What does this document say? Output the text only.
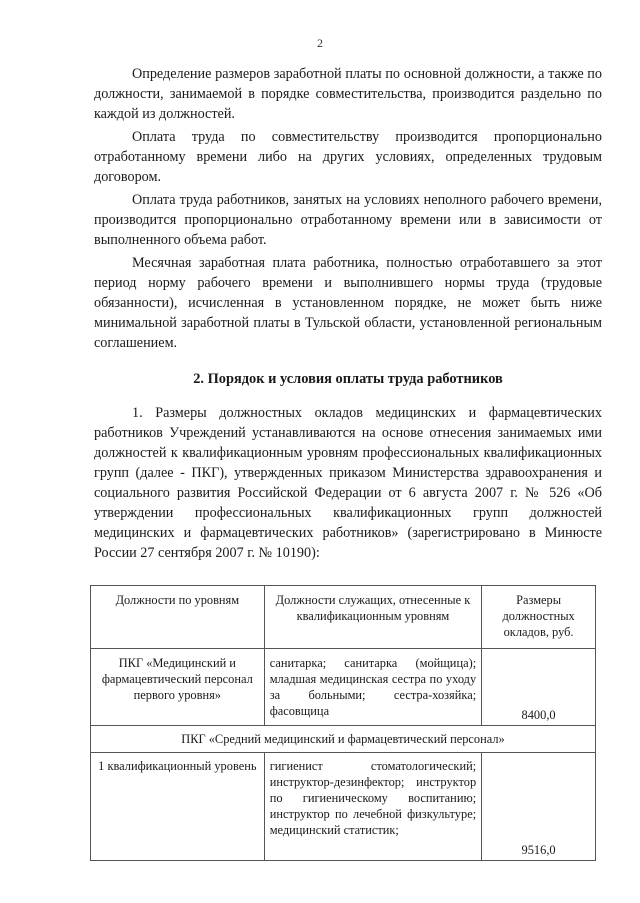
2

Определение размеров заработной платы по основной должности, а также по должности, занимаемой в порядке совместительства, производится раздельно по каждой из должностей.

Оплата труда по совместительству производится пропорционально отработанному времени либо на других условиях, определенных трудовым договором.

Оплата труда работников, занятых на условиях неполного рабочего времени, производится пропорционально отработанному времени или в зависимости от выполненного объема работ.

Месячная заработная плата работника, полностью отработавшего за этот период норму рабочего времени и выполнившего нормы труда (трудовые обязанности), исчисленная в установленном порядке, не может быть ниже минимальной заработной платы в Тульской области, установленной региональным соглашением.

2. Порядок и условия оплаты труда работников

1. Размеры должностных окладов медицинских и фармацевтических работников Учреждений устанавливаются на основе отнесения занимаемых ими должностей к квалификационным уровням профессиональных квалификационных групп (далее - ПКГ), утвержденных приказом Министерства здравоохранения и социального развития Российской Федерации от 6 августа 2007 г. № 526 «Об утверждении профессиональных квалификационных групп должностей медицинских и фармацевтических работников» (зарегистрировано в Минюсте России 27 сентября 2007 г. № 10190):

Должности по уровням	Должности служащих, отнесенные к квалификационным уровням	Размеры должностных окладов, руб.
ПКГ «Медицинский и фармацевтический персонал первого уровня»	санитарка; санитарка (мойщица); младшая медицинская сестра по уходу за больными; сестра-хозяйка; фасовщица	8400,0
ПКГ «Средний медицинский и фармацевтический персонал»		
1 квалификационный уровень	гигиенист стоматологический; инструктор-дезинфектор; инструктор по гигиеническому воспитанию; инструктор по лечебной физкультуре; медицинский статистик;	9516,0
